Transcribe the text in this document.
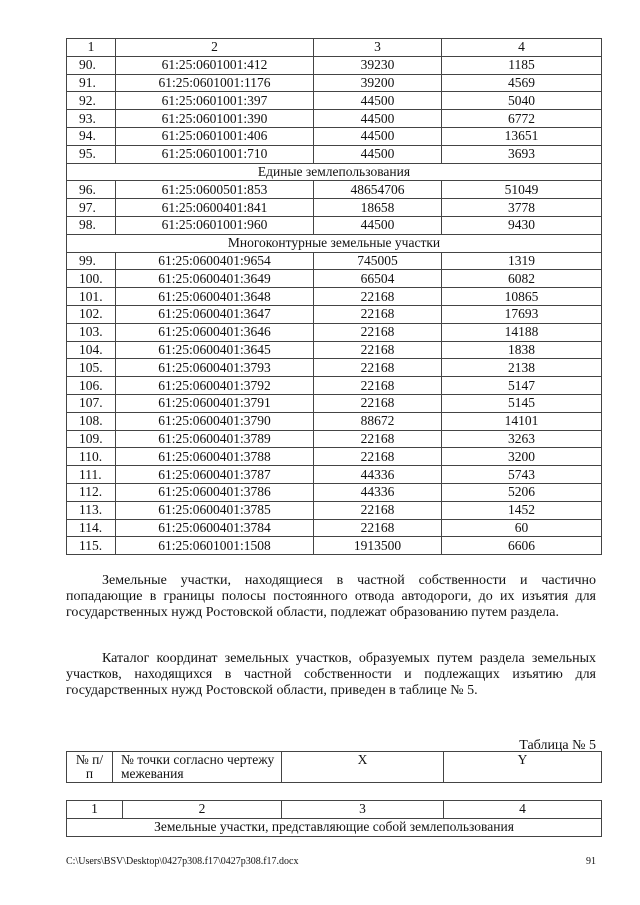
1	2	3	4
90.	61:25:0601001:412	39230	1185
91.	61:25:0601001:1176	39200	4569
92.	61:25:0601001:397	44500	5040
93.	61:25:0601001:390	44500	6772
94.	61:25:0601001:406	44500	13651
95.	61:25:0601001:710	44500	3693
Единые землепользования			
96.	61:25:0600501:853	48654706	51049
97.	61:25:0600401:841	18658	3778
98.	61:25:0601001:960	44500	9430
Многоконтурные земельные участки			
99.	61:25:0600401:9654	745005	1319
100.	61:25:0600401:3649	66504	6082
101.	61:25:0600401:3648	22168	10865
102.	61:25:0600401:3647	22168	17693
103.	61:25:0600401:3646	22168	14188
104.	61:25:0600401:3645	22168	1838
105.	61:25:0600401:3793	22168	2138
106.	61:25:0600401:3792	22168	5147
107.	61:25:0600401:3791	22168	5145
108.	61:25:0600401:3790	88672	14101
109.	61:25:0600401:3789	22168	3263
110.	61:25:0600401:3788	22168	3200
111.	61:25:0600401:3787	44336	5743
112.	61:25:0600401:3786	44336	5206
113.	61:25:0600401:3785	22168	1452
114.	61:25:0600401:3784	22168	60
115.	61:25:0601001:1508	1913500	6606

Земельные участки, находящиеся в частной собственности и частично попадающие в границы полосы постоянного отвода автодороги, до их изъятия для государственных нужд Ростовской области, подлежат образованию путем раздела.

Каталог координат земельных участков, образуемых путем раздела земельных участков, находящихся в частной собственности и подлежащих изъятию для государственных нужд Ростовской области, приведен в таблице № 5.

Таблица № 5
№ п/п	№ точки согласно чертежу межевания	X	Y
1	2	3	4
Земельные участки, представляющие собой землепользования
C:\Users\BSV\Desktop\0427p308.f17\0427p308.f17.docx	91
